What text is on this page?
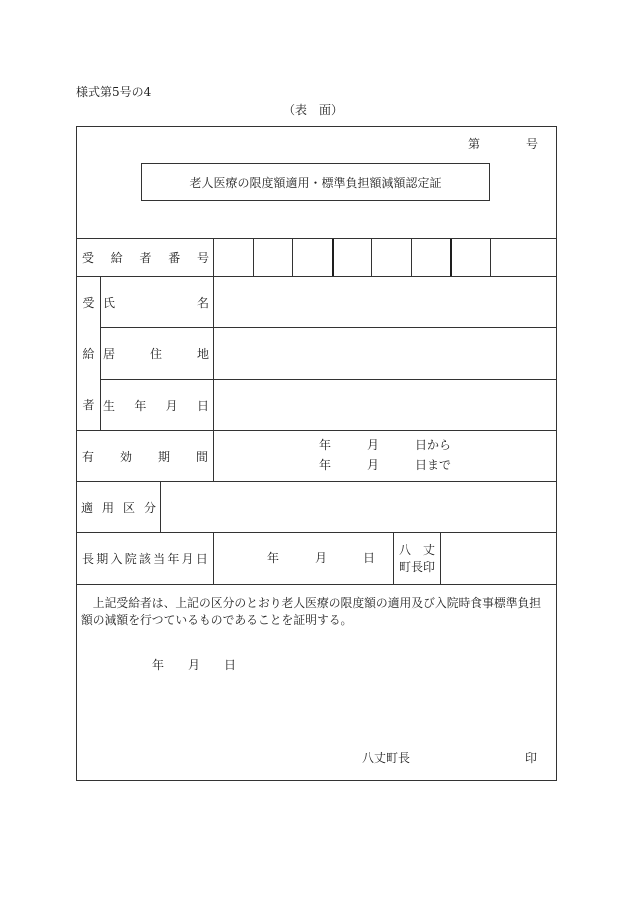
様式第5号の4
（表　面）
第	号
老人医療の限度額適用・標準負担額減額認定証
受 給 者 番 号
受
給
者
氏	名
居	住	地
生 年 月 日
有 効 期 間
年　　　月　　　日から
年　　　月　　　日まで
適 用 区 分
長 期 入 院 該 当 年 月 日	年　　　月　　　日
八　丈
町長印
上記受給者は、上記の区分のとおり老人医療の限度額の適用及び入院時食事標準負担額の減額を行つているものであることを証明する。
年　　月　　日
八丈町長	印
